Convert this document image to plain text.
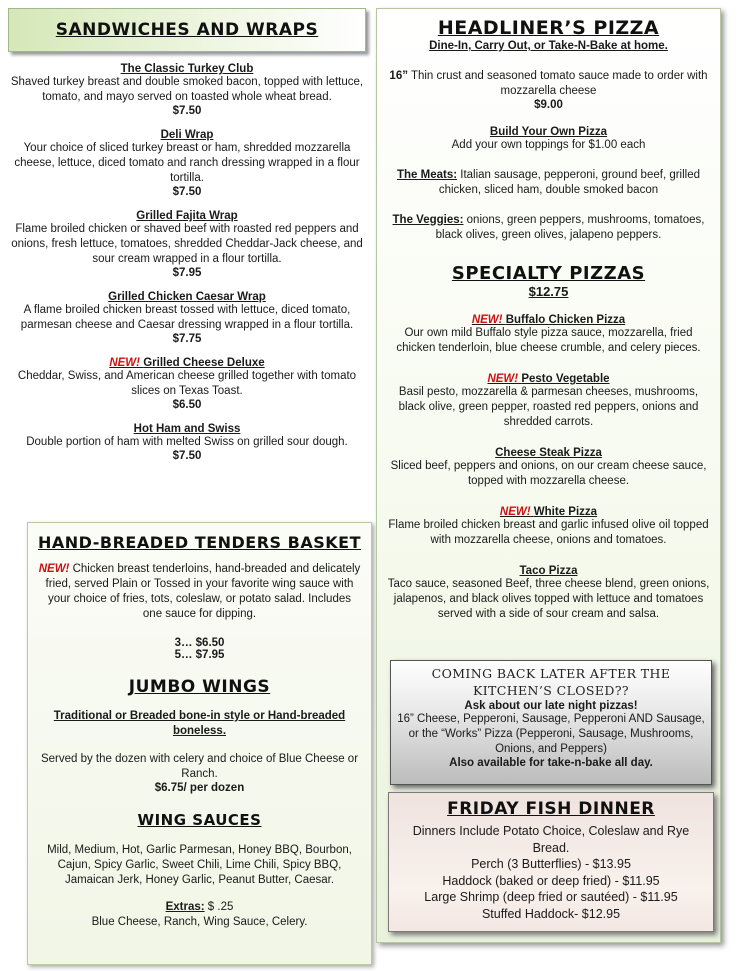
SANDWICHES AND WRAPS
The Classic Turkey Club
Shaved turkey breast and double smoked bacon, topped with lettuce, tomato, and mayo served on toasted whole wheat bread.
$7.50
Deli Wrap
Your choice of sliced turkey breast or ham, shredded mozzarella cheese, lettuce, diced tomato and ranch dressing wrapped in a flour tortilla.
$7.50
Grilled Fajita Wrap
Flame broiled chicken or shaved beef with roasted red peppers and onions, fresh lettuce, tomatoes, shredded Cheddar-Jack cheese, and sour cream wrapped in a flour tortilla.
$7.95
Grilled Chicken Caesar Wrap
A flame broiled chicken breast tossed with lettuce, diced tomato, parmesan cheese and Caesar dressing wrapped in a flour tortilla.
$7.75
NEW! Grilled Cheese Deluxe
Cheddar, Swiss, and American cheese grilled together with tomato slices on Texas Toast.
$6.50
Hot Ham and Swiss
Double portion of ham with melted Swiss on grilled sour dough.
$7.50
HAND-BREADED TENDERS BASKET
NEW! Chicken breast tenderloins, hand-breaded and delicately fried, served Plain or Tossed in your favorite wing sauce with your choice of fries, tots, coleslaw, or potato salad. Includes one sauce for dipping.
3… $6.50
5… $7.95
JUMBO WINGS
Traditional or Breaded bone-in style or Hand-breaded boneless.
Served by the dozen with celery and choice of Blue Cheese or Ranch.
$6.75/ per dozen
WING SAUCES
Mild, Medium, Hot, Garlic Parmesan, Honey BBQ, Bourbon, Cajun, Spicy Garlic, Sweet Chili, Lime Chili, Spicy BBQ, Jamaican Jerk, Honey Garlic, Peanut Butter, Caesar.
Extras: $ .25
Blue Cheese, Ranch, Wing Sauce, Celery.
HEADLINER’S PIZZA
Dine-In, Carry Out, or Take-N-Bake at home.
16” Thin crust and seasoned tomato sauce made to order with mozzarella cheese
$9.00
Build Your Own Pizza
Add your own toppings for $1.00 each
The Meats: Italian sausage, pepperoni, ground beef, grilled chicken, sliced ham, double smoked bacon
The Veggies: onions, green peppers, mushrooms, tomatoes, black olives, green olives, jalapeno peppers.
SPECIALTY PIZZAS
$12.75
NEW! Buffalo Chicken Pizza
Our own mild Buffalo style pizza sauce, mozzarella, fried chicken tenderloin, blue cheese crumble, and celery pieces.
NEW! Pesto Vegetable
Basil pesto, mozzarella & parmesan cheeses, mushrooms, black olive, green pepper, roasted red peppers, onions and shredded carrots.
Cheese Steak Pizza
Sliced beef, peppers and onions, on our cream cheese sauce, topped with mozzarella cheese.
NEW! White Pizza
Flame broiled chicken breast and garlic infused olive oil topped with mozzarella cheese, onions and tomatoes.
Taco Pizza
Taco sauce, seasoned Beef, three cheese blend, green onions, jalapenos, and black olives topped with lettuce and tomatoes served with a side of sour cream and salsa.
COMING BACK LATER AFTER THE KITCHEN’S CLOSED??
Ask about our late night pizzas!
16” Cheese, Pepperoni, Sausage, Pepperoni AND Sausage, or the “Works” Pizza (Pepperoni, Sausage, Mushrooms, Onions, and Peppers)
Also available for take-n-bake all day.
FRIDAY FISH DINNER
Dinners Include Potato Choice, Coleslaw and Rye Bread.
Perch (3 Butterflies) - $13.95
Haddock (baked or deep fried) - $11.95
Large Shrimp (deep fried or sautéed) - $11.95
Stuffed Haddock- $12.95
